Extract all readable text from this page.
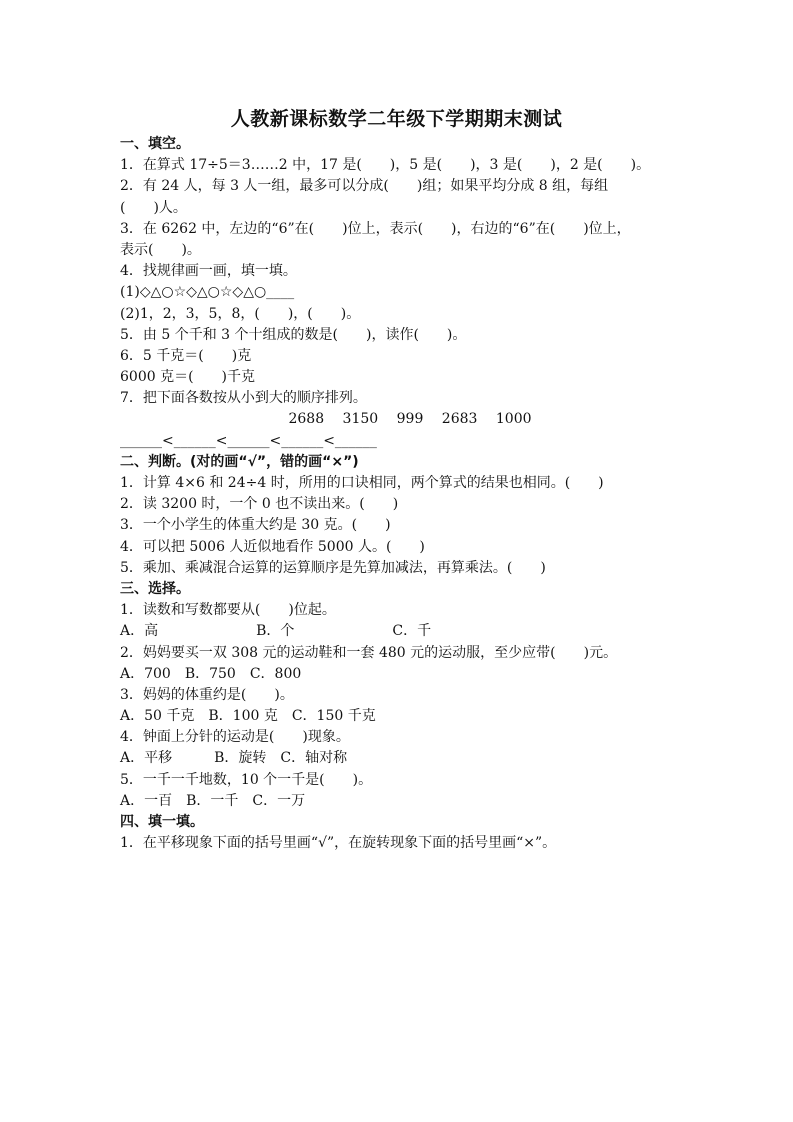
人教新课标数学二年级下学期期末测试
一、填空。
1．在算式 17÷5＝3……2 中，17 是(　　)，5 是(　　)，3 是(　　)，2 是(　　)。
2．有 24 人，每 3 人一组，最多可以分成(　　)组；如果平均分成 8 组，每组
(　　)人。
3．在 6262 中，左边的“6”在(　　)位上，表示(　　)，右边的“6”在(　　)位上，
表示(　　)。
4．找规律画一画，填一填。
(1)◇△○☆◇△○☆◇△○____
(2)1，2，3，5，8，(　　)，(　　)。
5．由 5 个千和 3 个十组成的数是(　　)，读作(　　)。
6．5 千克＝(　　)克
6000 克＝(　　)千克
7．把下面各数按从小到大的顺序排列。
2688　 3150　 999　 2683　 1000
______<______<______<______<______
二、判断。(对的画“√”，错的画“×”)
1．计算 4×6 和 24÷4 时，所用的口诀相同，两个算式的结果也相同。(　　)
2．读 3200 时，一个 0 也不读出来。(　　)
3．一个小学生的体重大约是 30 克。(　　)
4．可以把 5006 人近似地看作 5000 人。(　　)
5．乘加、乘减混合运算的运算顺序是先算加减法，再算乘法。(　　)
三、选择。
1．读数和写数都要从(　　)位起。
A．高　　　　　　　B．个　　　　　　　C．千
2．妈妈要买一双 308 元的运动鞋和一套 480 元的运动服，至少应带(　　)元。
A．700　B．750　C．800
3．妈妈的体重约是(　　)。
A．50 千克　B．100 克　C．150 千克
4．钟面上分针的运动是(　　)现象。
A．平移　　　B．旋转　C．轴对称
5．一千一千地数，10 个一千是(　　)。
A．一百　B．一千　C．一万
四、填一填。
1．在平移现象下面的括号里画“√”，在旋转现象下面的括号里画“×”。
